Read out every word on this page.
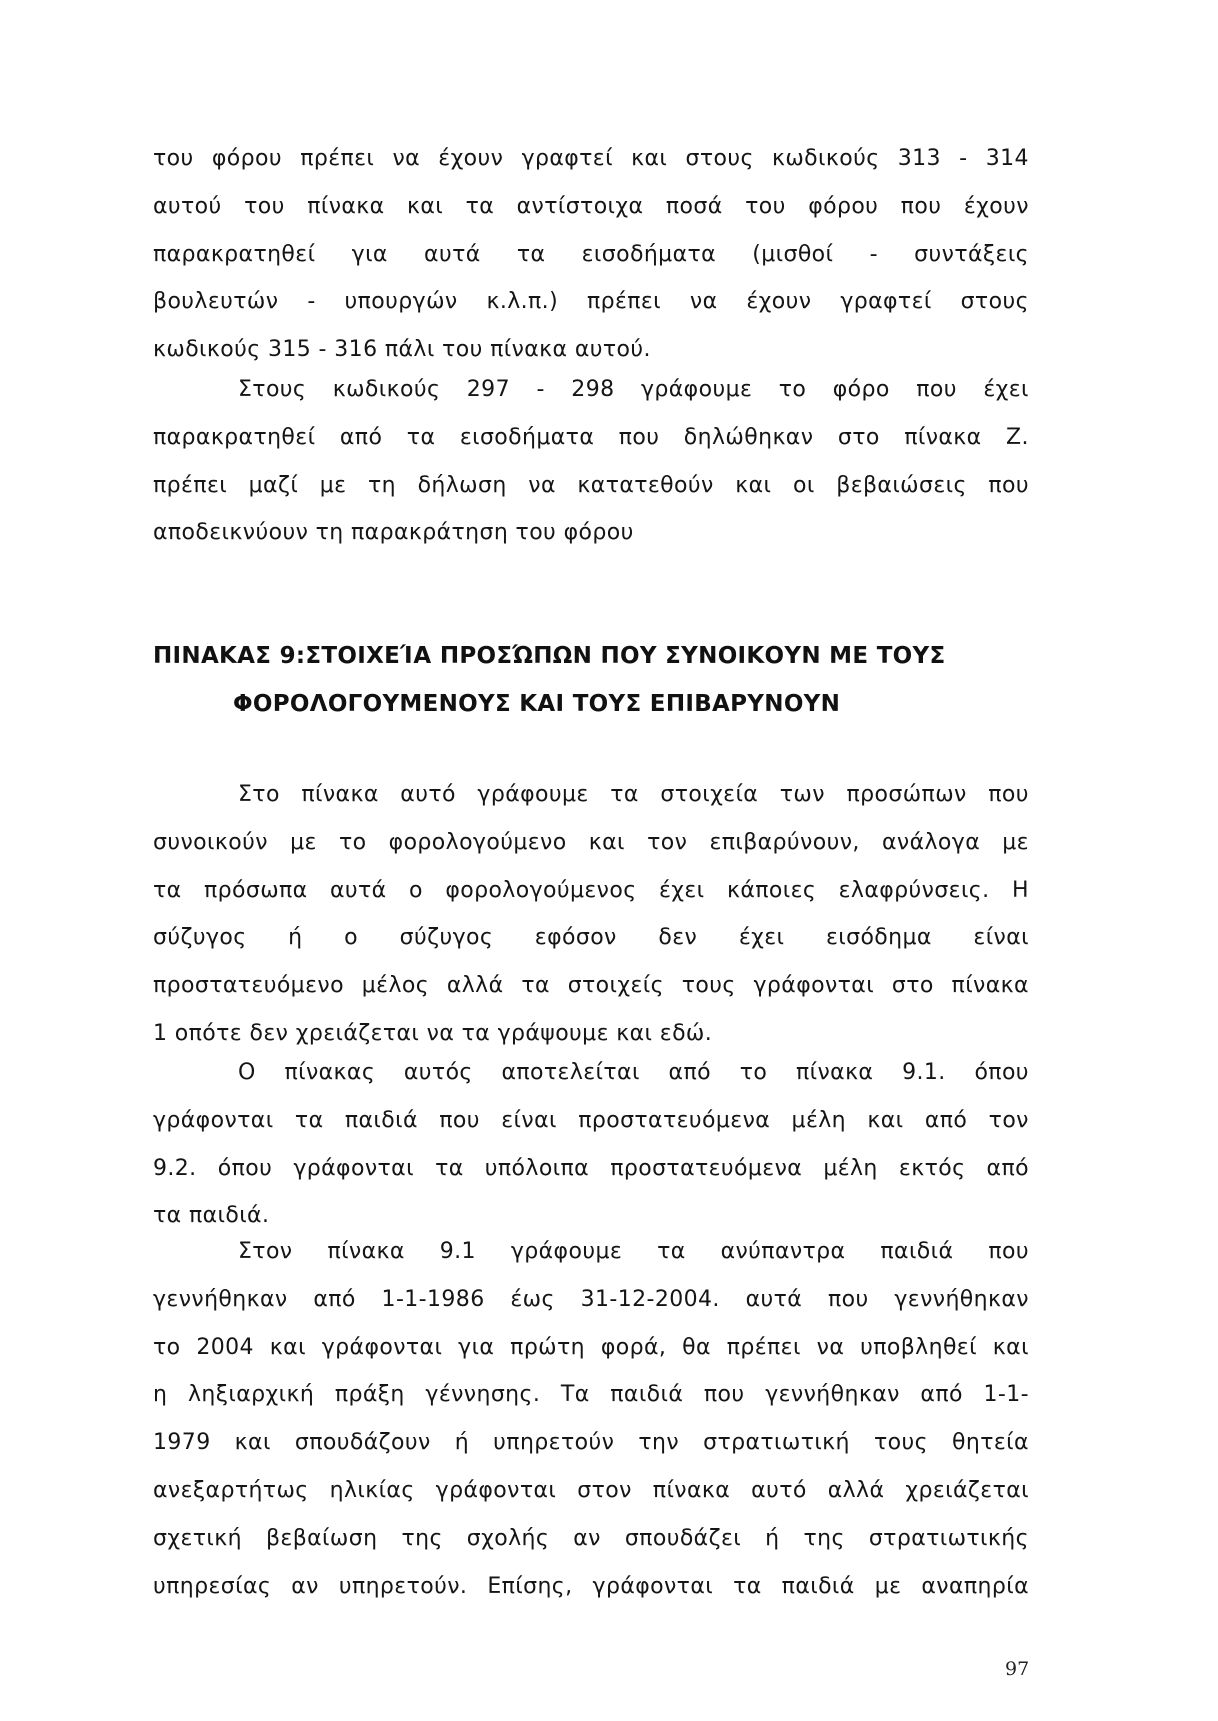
του φόρου πρέπει να έχουν γραφτεί και στους κωδικούς 313 - 314
αυτού του πίνακα και τα αντίστοιχα ποσά του φόρου που έχουν
παρακρατηθεί για αυτά τα εισοδήματα (μισθοί - συντάξεις
βουλευτών - υπουργών κ.λ.π.) πρέπει να έχουν γραφτεί στους
κωδικούς 315 - 316 πάλι του πίνακα αυτού.
Στους κωδικούς 297 - 298 γράφουμε το φόρο που έχει
παρακρατηθεί από τα εισοδήματα που δηλώθηκαν στο πίνακα Ζ.
πρέπει μαζί με τη δήλωση να κατατεθούν και οι βεβαιώσεις που
αποδεικνύουν τη παρακράτηση του φόρου
ΠΙΝΑΚΑΣ 9:ΣΤΟΙΧΕΊΑ ΠΡΟΣΏΠΩΝ ΠΟΥ ΣΥΝΟΙΚΟΥΝ ΜΕ ΤΟΥΣ
ΦΟΡΟΛΟΓΟΥΜΕΝΟΥΣ ΚΑΙ ΤΟΥΣ ΕΠΙΒΑΡΥΝΟΥΝ
Στο πίνακα αυτό γράφουμε τα στοιχεία των προσώπων που
συνοικούν με το φορολογούμενο και τον επιβαρύνουν, ανάλογα με
τα πρόσωπα αυτά ο φορολογούμενος έχει κάποιες ελαφρύνσεις. Η
σύζυγος ή ο σύζυγος εφόσον δεν έχει εισόδημα είναι
προστατευόμενο μέλος αλλά τα στοιχείς τους γράφονται στο πίνακα
1 οπότε δεν χρειάζεται να τα γράψουμε και εδώ.
Ο πίνακας αυτός αποτελείται από το πίνακα 9.1. όπου
γράφονται τα παιδιά που είναι προστατευόμενα μέλη και από τον
9.2. όπου γράφονται τα υπόλοιπα προστατευόμενα μέλη εκτός από
τα παιδιά.
Στον πίνακα 9.1 γράφουμε τα ανύπαντρα παιδιά που
γεννήθηκαν από 1-1-1986 έως 31-12-2004. αυτά που γεννήθηκαν
το 2004 και γράφονται για πρώτη φορά, θα πρέπει να υποβληθεί και
η ληξιαρχική πράξη γέννησης. Τα παιδιά που γεννήθηκαν από 1-1-
1979 και σπουδάζουν ή υπηρετούν την στρατιωτική τους θητεία
ανεξαρτήτως ηλικίας γράφονται στον πίνακα αυτό αλλά χρειάζεται
σχετική βεβαίωση της σχολής αν σπουδάζει ή της στρατιωτικής
υπηρεσίας αν υπηρετούν. Επίσης, γράφονται τα παιδιά με αναπηρία
97
